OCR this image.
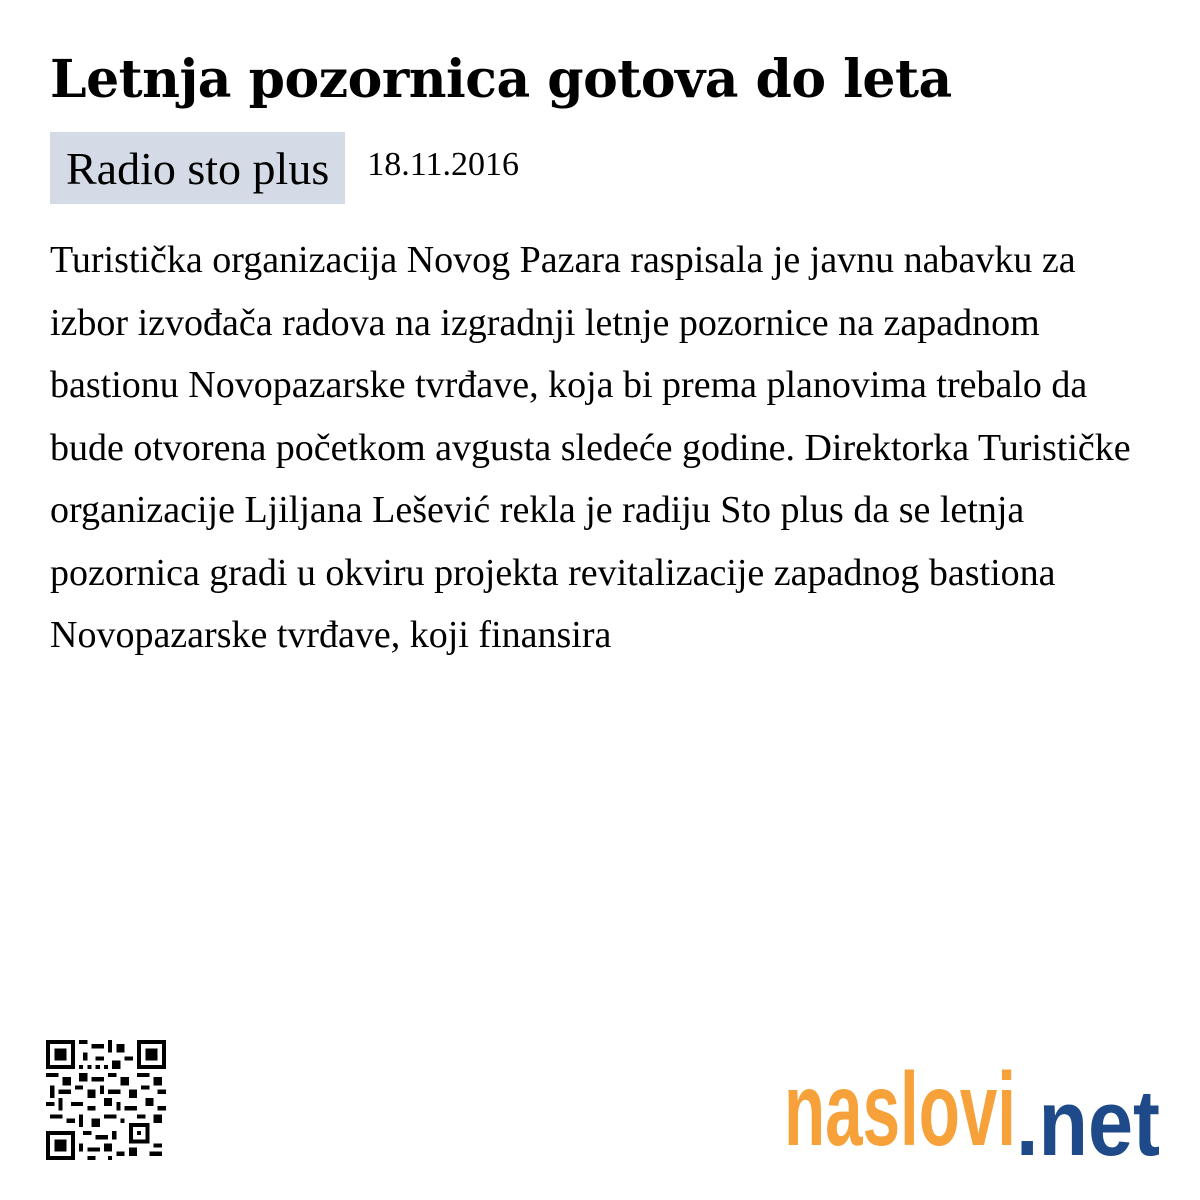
Letnja pozornica gotova do leta
Radio sto plus	18.11.2016

Turistička organizacija Novog Pazara raspisala je javnu nabavku za izbor izvođača radova na izgradnji letnje pozornice na zapadnom bastionu Novopazarske tvrđave, koja bi prema planovima trebalo da bude otvorena početkom avgusta sledeće godine. Direktorka Turističke organizacije Ljiljana Lešević rekla je radiju Sto plus da se letnja pozornica gradi u okviru projekta revitalizacije zapadnog bastiona Novopazarske tvrđave, koji finansira

naslovi .net
